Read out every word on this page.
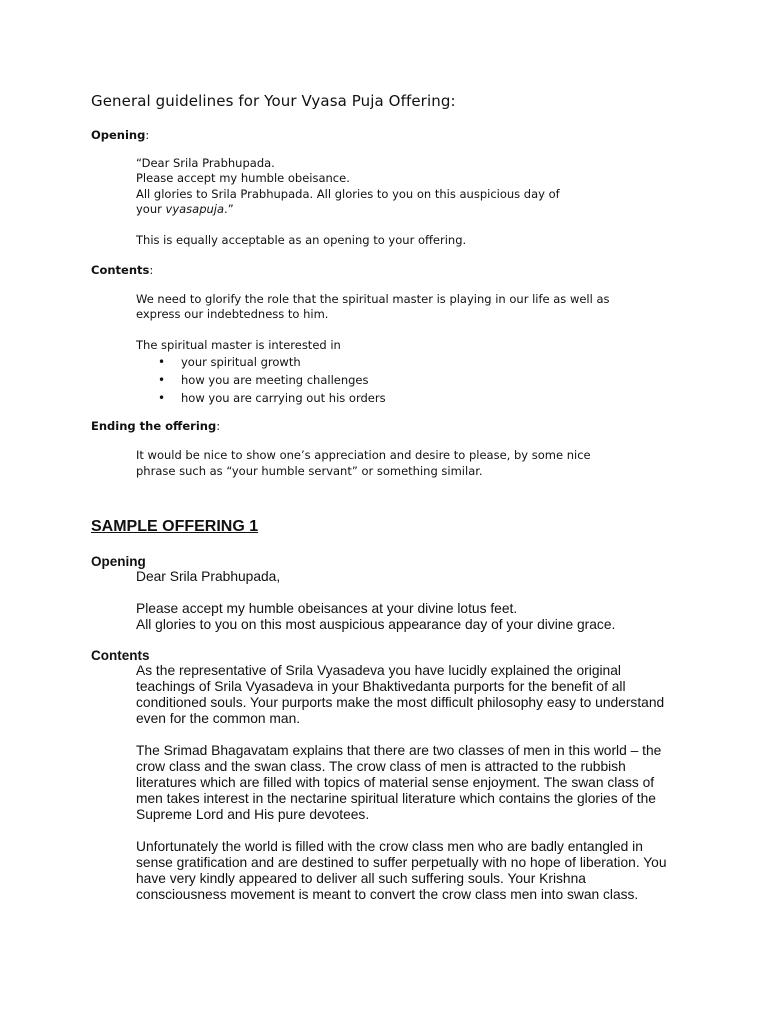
General guidelines for Your Vyasa Puja Offering:
Opening:
“Dear Srila Prabhupada.
Please accept my humble obeisance.
All glories to Srila Prabhupada. All glories to you on this auspicious day of
your vyasapuja.”
This is equally acceptable as an opening to your offering.
Contents:
We need to glorify the role that the spiritual master is playing in our life as well as
express our indebtedness to him.
The spiritual master is interested in
• your spiritual growth
• how you are meeting challenges
• how you are carrying out his orders
Ending the offering:
It would be nice to show one’s appreciation and desire to please, by some nice
phrase such as “your humble servant” or something similar.
SAMPLE OFFERING 1
Opening
Dear Srila Prabhupada,
Please accept my humble obeisances at your divine lotus feet.
All glories to you on this most auspicious appearance day of your divine grace.
Contents
As the representative of Srila Vyasadeva you have lucidly explained the original
teachings of Srila Vyasadeva in your Bhaktivedanta purports for the benefit of all
conditioned souls. Your purports make the most difficult philosophy easy to understand
even for the common man.
The Srimad Bhagavatam explains that there are two classes of men in this world – the
crow class and the swan class. The crow class of men is attracted to the rubbish
literatures which are filled with topics of material sense enjoyment. The swan class of
men takes interest in the nectarine spiritual literature which contains the glories of the
Supreme Lord and His pure devotees.
Unfortunately the world is filled with the crow class men who are badly entangled in
sense gratification and are destined to suffer perpetually with no hope of liberation. You
have very kindly appeared to deliver all such suffering souls. Your Krishna
consciousness movement is meant to convert the crow class men into swan class.
